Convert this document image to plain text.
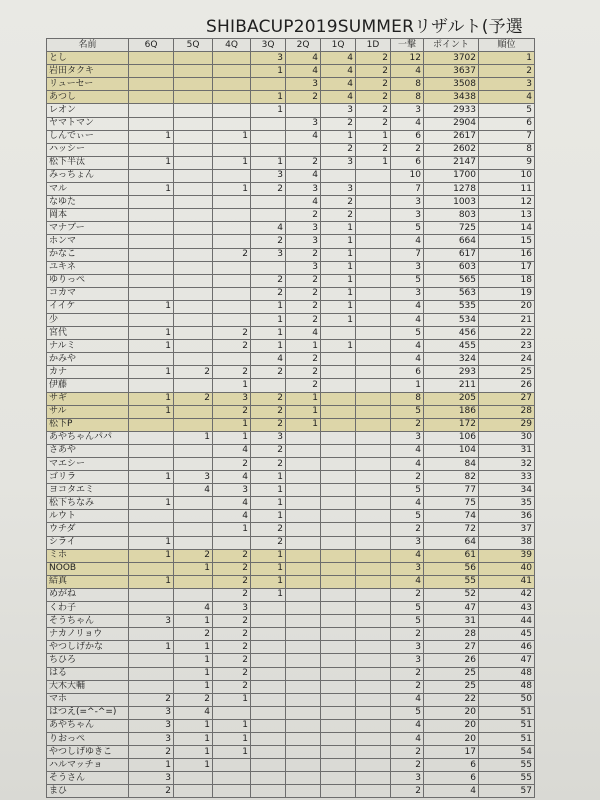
SHIBACUP2019SUMMERリザルト(予選
名前	6Q	5Q	4Q	3Q	2Q	1Q	1D	一撃	ポイント	順位
とし				3	4	4	2	12	3702	1
岩田タクキ				1	4	4	2	4	3637	2
リューセー					3	4	2	8	3508	3
あつし				1	2	4	2	8	3438	4
レオン				1		3	2	3	2933	5
ヤマトマン					3	2	2	4	2904	6
しんでぃー	1		1		4	1	1	6	2617	7
ハッシー						2	2	2	2602	8
松下半汰	1		1	1	2	3	1	6	2147	9
みっちょん				3	4			10	1700	10
マル	1		1	2	3	3		7	1278	11
なゆた					4	2		3	1003	12
岡本					2	2		3	803	13
マナブー				4	3	1		5	725	14
ホンマ				2	3	1		4	664	15
かなこ			2	3	2	1		7	617	16
ユキネ					3	1		3	603	17
ゆりっぺ				2	2	1		5	565	18
コカマ				2	2	1		3	563	19
イイケ	1			1	2	1		4	535	20
少				1	2	1		4	534	21
宮代	1		2	1	4			5	456	22
ナルミ	1		2	1	1	1		4	455	23
かみや				4	2			4	324	24
カナ	1	2	2	2	2			6	293	25
伊藤			1		2			1	211	26
サギ	1	2	3	2	1			8	205	27
サル	1		2	2	1			5	186	28
松下P			1	2	1			2	172	29
あやちゃんパパ		1	1	3				3	106	30
さあや			4	2				4	104	31
マエシー			2	2				4	84	32
ゴリラ	1	3	4	1				2	82	33
ヨコタエミ		4	3	1				5	77	34
松下ちなみ	1		4	1				4	75	35
ルウト			4	1				5	74	36
ウチダ			1	2				2	72	37
シライ	1			2				3	64	38
ミホ	1	2	2	1				4	61	39
NOOB		1	2	1				3	56	40
結真	1		2	1				4	55	41
めがね			2	1				2	52	42
くわ子		4	3					5	47	43
そうちゃん	3	1	2					5	31	44
ナカノリョウ		2	2					2	28	45
やつしげかな	1	1	2					3	27	46
ちひろ		1	2					3	26	47
はる		1	2					2	25	48
大木大輔		1	2					2	25	48
マホ	2	2	1					4	22	50
はつえ(=^-^=)	3	4						5	20	51
あやちゃん	3	1	1					4	20	51
りおっぺ	3	1	1					4	20	51
やつしげゆきこ	2	1	1					2	17	54
ハルマッチョ	1	1						2	6	55
そうさん	3							3	6	55
まひ	2							2	4	57
